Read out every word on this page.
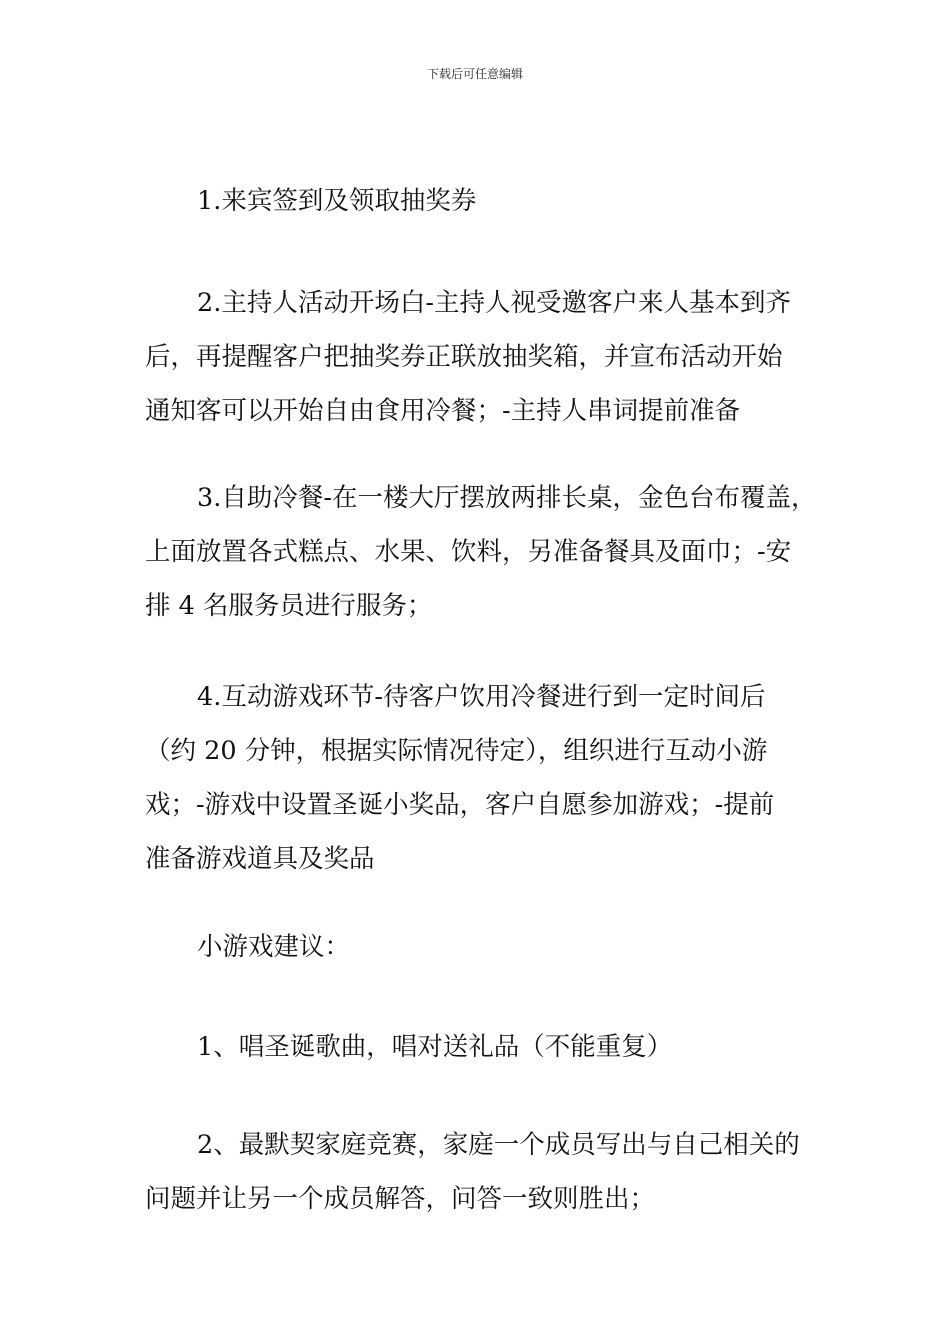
下载后可任意编辑

1.来宾签到及领取抽奖券

2.主持人活动开场白-主持人视受邀客户来人基本到齐
后，再提醒客户把抽奖券正联放抽奖箱，并宣布活动开始
通知客可以开始自由食用冷餐；-主持人串词提前准备

3.自助冷餐-在一楼大厅摆放两排长桌，金色台布覆盖，
上面放置各式糕点、水果、饮料，另准备餐具及面巾；-安
排 4 名服务员进行服务；

4.互动游戏环节-待客户饮用冷餐进行到一定时间后
（约 20 分钟，根据实际情况待定），组织进行互动小游
戏；-游戏中设置圣诞小奖品，客户自愿参加游戏；-提前
准备游戏道具及奖品

小游戏建议：

1、唱圣诞歌曲，唱对送礼品（不能重复）

2、最默契家庭竞赛，家庭一个成员写出与自己相关的
问题并让另一个成员解答，问答一致则胜出；
